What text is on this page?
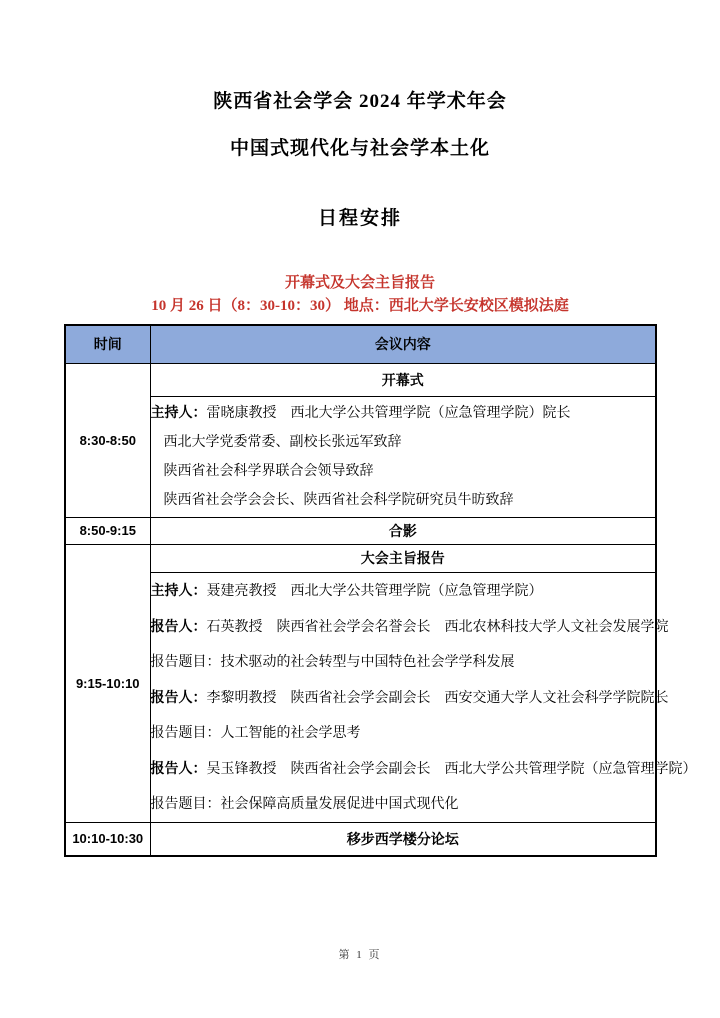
陕西省社会学会 2024 年学术年会
中国式现代化与社会学本土化
日程安排
开幕式及大会主旨报告
10 月 26 日（8：30-10：30） 地点：西北大学长安校区模拟法庭
时间	会议内容
8:30-8:50	开幕式

	主持人：雷晓康教授　西北大学公共管理学院（应急管理学院）院长
西北大学党委常委、副校长张远军致辞
陕西省社会科学界联合会领导致辞
陕西省社会学会会长、陕西省社会科学院研究员牛昉致辞

8:50-9:15	合影
9:15-10:10	大会主旨报告

主持人：聂建亮教授　西北大学公共管理学院（应急管理学院）
报告人：石英教授　陕西省社会学会名誉会长　西北农林科技大学人文社会发展学院
报告题目：技术驱动的社会转型与中国特色社会学学科发展
报告人：李黎明教授　陕西省社会学会副会长　西安交通大学人文社会科学学院院长
报告题目：人工智能的社会学思考
报告人：吴玉锋教授　陕西省社会学会副会长　西北大学公共管理学院（应急管理学院）
报告题目：社会保障高质量发展促进中国式现代化

10:10-10:30	移步西学楼分论坛
第 1 页
